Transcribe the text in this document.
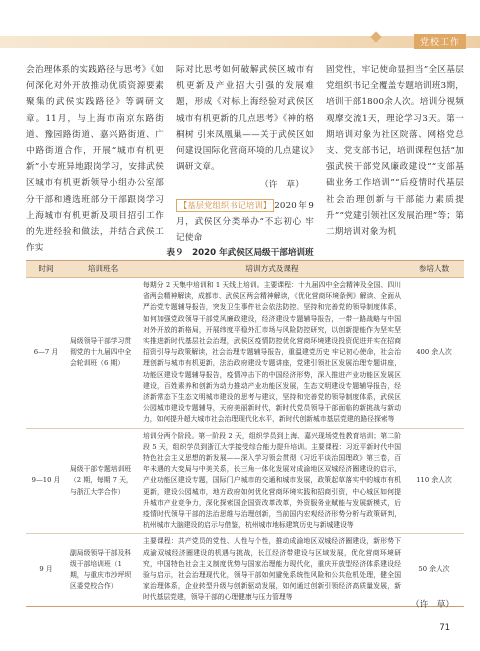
党校工作

会治理体系的实践路径与思考》《如何深化对外开放推动优质资源要素聚集的武侯实践路径》等调研文章。11月，与上海市南京东路街道、豫园路街道、嘉兴路街道、广中路街道合作，开展“城市有机更新”小专班异地跟岗学习，安排武侯区城市有机更新领导小组办公室部分干部和遴选班部分干部跟岗学习上海城市有机更新及项目招引工作的先进经验和做法，并结合武侯工作实

际对比思考如何破解武侯区城市有机更新及产业招大引强的发展难题，形成《对标上海经验对武侯区城市有机更新的几点思考》《神的格桐树 引来凤凰巢——关于武侯区如何建设国际化营商环境的几点建议》调研文章。

（许　草）

【基层党组织书记培训】 2020年9月，武侯区分类举办“不忘初心 牢记使命

固党性，牢记使命显担当”全区基层党组织书记全覆盖专题培训班3期，培训干部1800余人次。培训分视频观摩交流1天，理论学习3天。第一期培训对象为社区院落、网格党总支、党支部书记，培训课程包括“加强武侯干部党风廉政建设”“支部基础业务工作培训”“后疫情时代基层社会治理创新与干部能力素质提升”“党建引领社区发展治理”等；第二期培训对象为机

表９　2020 年武侯区局级干部培训班
时间	培训班名	培训方式及课程	参培人数
6—7 月	局级领导干部学习贯彻党的十九届四中全会轮训班（6 期）	每期分 2 天集中培训和 1 天线上培训。主要课程：十九届四中全会精神及全国、四川省两会精神解读，成都市、武侯区两会精神解读，《优化营商环境条例》解读、全面从严治党专题辅导报告，突发卫生事件社会依法防控、坚持和完善党的领导制度体系，如何加强党政领导干部党风廉政建设，经济建设专题辅导报告，一带一路战略与中国对外开放的新格局，开展纬度平稳外汇市场与风险防控研究，以创新提能作为坚实坚实推进新时代基层社会治理，武侯区疫情防控优化营商环境建设投资促进并实在招商招资引导与政策解读，社会治理专题辅导报告，重温建党历史 牢记初心使命，社会治理创新与城市有机更新，法治政府建设专题讲座，党建引领社区发展治理专题讲座，功能区建设专题辅导报告，疫情冲击下的中国经济形势，深入推进产业功能区发展区建设，百姓素养和创新为动力推动产业功能区发展，生态文明建设专题辅导报告，经济新常态下生态文明城市建设的思考与建议，坚持和完善党的领导制度体系，武侯区公园城市建设专题辅导，天府美丽新时代，新时代党员领导干部面临的新挑战与新动力，如何提升超大城市社会治理现代化水平，新时代创新城市基层党建的路径探索等	400 余人次
9—10 月	局级干部专题培训班（2 期，每期 7 天，与浙江大学合作）	培训分两个阶段。第一阶段 2 天，组织学员到上海、嘉兴现场党性教育培训；第二阶段 5 天，组织学员到浙江大学接受综合能力提升培训。主要课程：习近平新时代中国特色社会主义思想的新发展——深入学习领会贯彻《习近平谈治国理政》第三卷，百年未遇的大变局与中美关系，长三角一体化发展对成渝地区双城经济圈建设的启示，产业功能区建设专题，国际门户城市的交通和城市发展，政策起草落实中的城市有机更新，建设公园城市，地方政府如何优化营商环境实践和招商引资，中心城区如何提升城市产业竞争力，深化探索国企国资改革改革，外资服务业赋能与发展新模式，后疫情时代领导干部的法治思维与治理创新，当前国内宏观经济形势分析与政策研判，杭州城市大脑建设的启示与借鉴，杭州城市地标建筑历史与新城建设等	110 余人次
9 月	副局级领导干部及科级干部培训班（1 期，与重庆市沙坪坝区委党校合作）	主要课程：共产党员的党性、人性与个性，推动成渝地区双城经济圈建设，新形势下成渝双城经济圈建设的机遇与挑战，长江经济带建设与区域发展，优化营商环境研究，中国特色社会主义制度优势与国家治理能力现代化，重庆开放型经济体系建设经验与启示，社会治理现代化，领导干部如何避免系统性风险和公共危机处理，健全国家治理体系，企业转型升级与创新驱动发展，如何通过创新引领经济高质量发展，新时代基层党建，领导干部的心理健康与压力管理等	50 余人次
（许　草）
71
